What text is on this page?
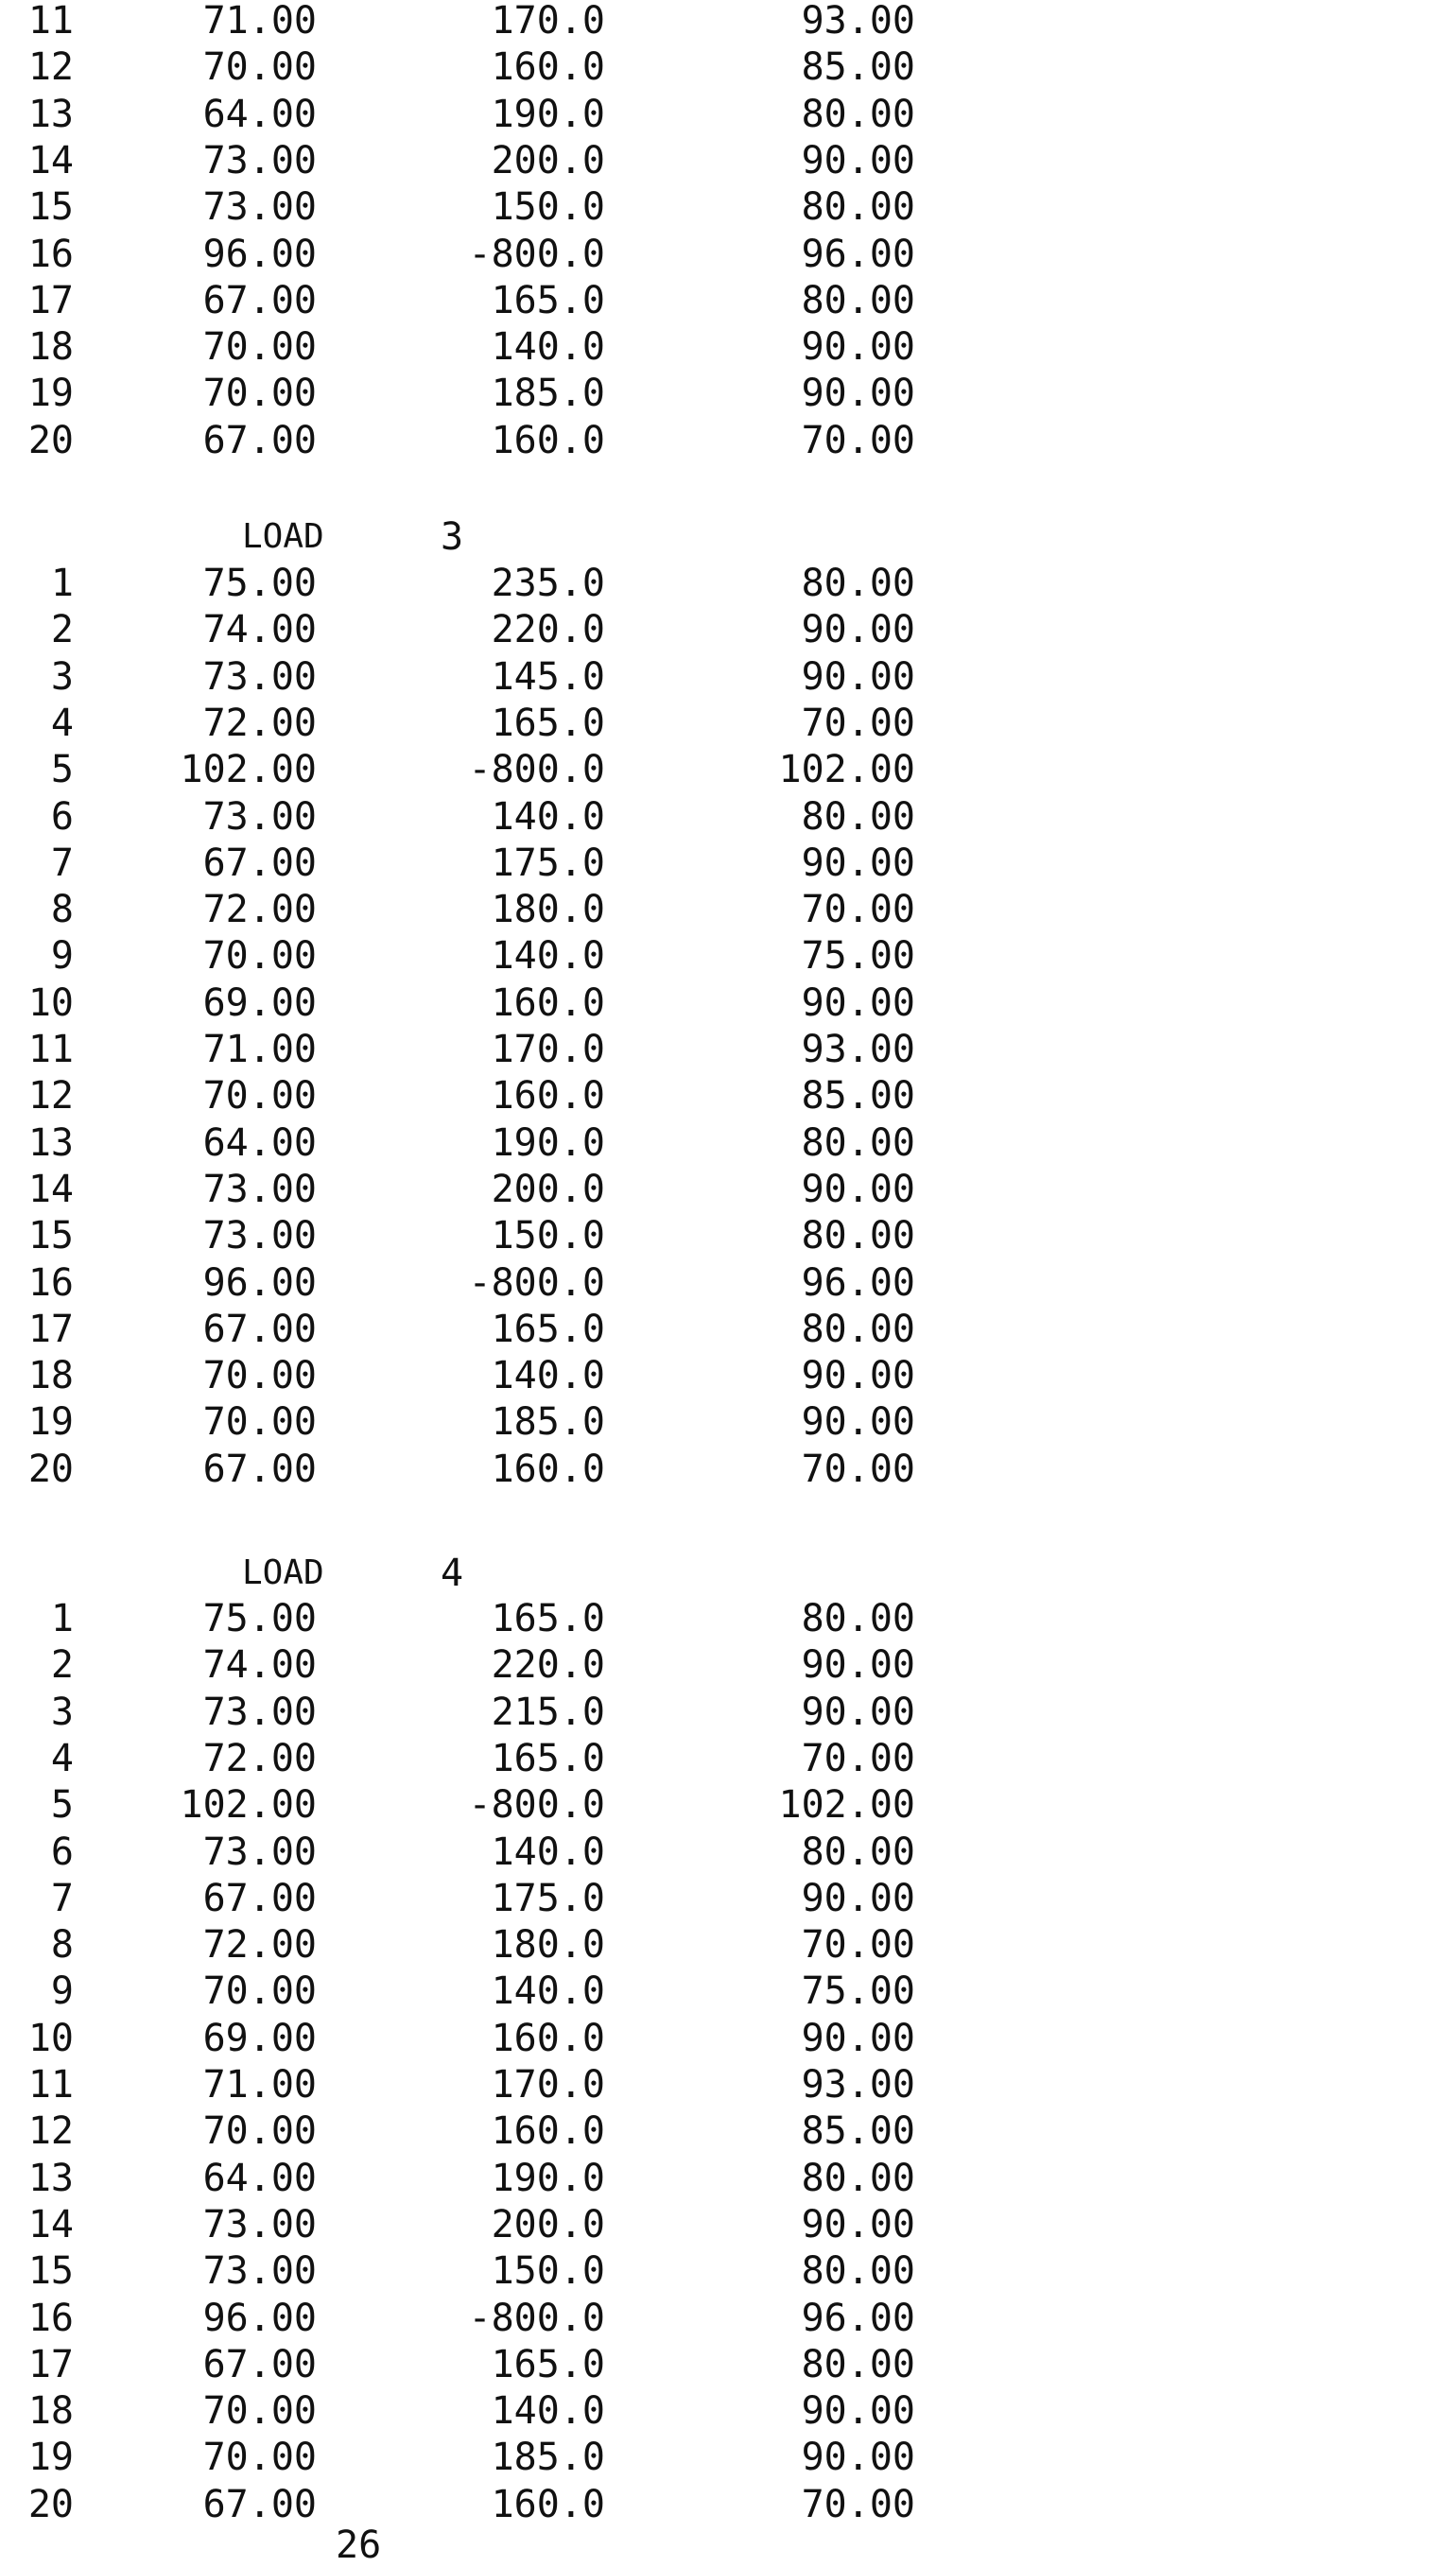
11	71.00	170.0	93.00
12	70.00	160.0	85.00
13	64.00	190.0	80.00
14	73.00	200.0	90.00
15	73.00	150.0	80.00
16	96.00	-800.0	96.00
17	67.00	165.0	80.00
18	70.00	140.0	90.00
19	70.00	185.0	90.00
20	67.00	160.0	70.00
LOAD	3
1	75.00	235.0	80.00
2	74.00	220.0	90.00
3	73.00	145.0	90.00
4	72.00	165.0	70.00
5	102.00	-800.0	102.00
6	73.00	140.0	80.00
7	67.00	175.0	90.00
8	72.00	180.0	70.00
9	70.00	140.0	75.00
10	69.00	160.0	90.00
11	71.00	170.0	93.00
12	70.00	160.0	85.00
13	64.00	190.0	80.00
14	73.00	200.0	90.00
15	73.00	150.0	80.00
16	96.00	-800.0	96.00
17	67.00	165.0	80.00
18	70.00	140.0	90.00
19	70.00	185.0	90.00
20	67.00	160.0	70.00
LOAD	4
1	75.00	165.0	80.00
2	74.00	220.0	90.00
3	73.00	215.0	90.00
4	72.00	165.0	70.00
5	102.00	-800.0	102.00
6	73.00	140.0	80.00
7	67.00	175.0	90.00
8	72.00	180.0	70.00
9	70.00	140.0	75.00
10	69.00	160.0	90.00
11	71.00	170.0	93.00
12	70.00	160.0	85.00
13	64.00	190.0	80.00
14	73.00	200.0	90.00
15	73.00	150.0	80.00
16	96.00	-800.0	96.00
17	67.00	165.0	80.00
18	70.00	140.0	90.00
19	70.00	185.0	90.00
20	67.00	160.0	70.00
26
